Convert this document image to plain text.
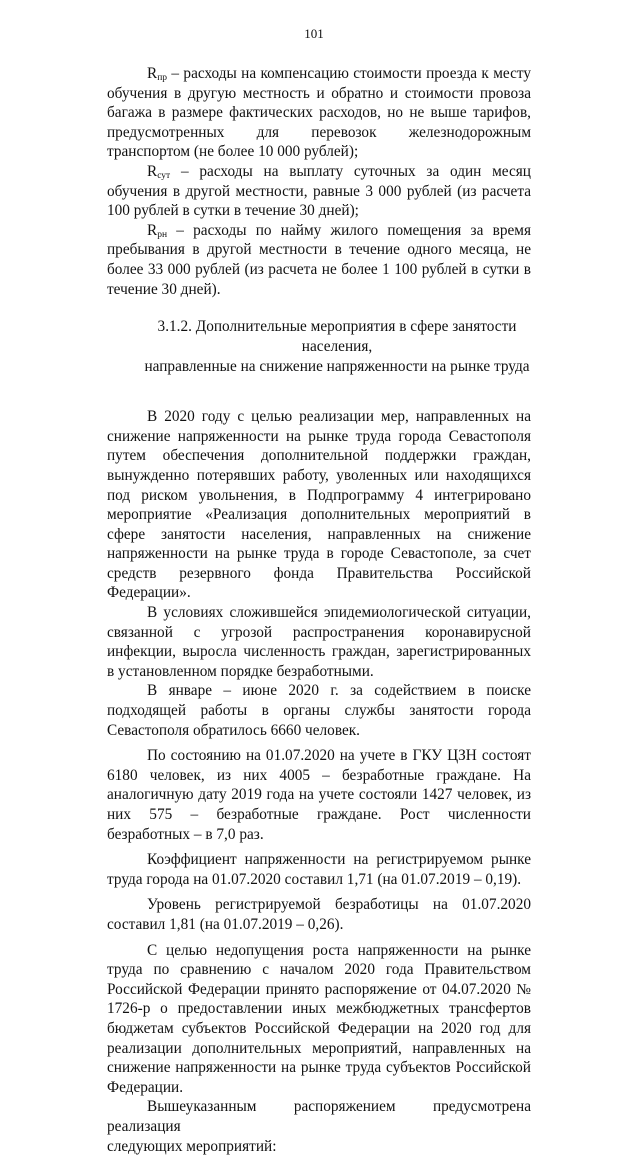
101

$R_{пр}$ – расходы на компенсацию стоимости проезда к месту обучения в другую местность и обратно и стоимости провоза багажа в размере фактических расходов, но не выше тарифов, предусмотренных для перевозок железнодорожным транспортом (не более 10 000 рублей);

$R_{сут}$ – расходы на выплату суточных за один месяц обучения в другой местности, равные 3 000 рублей (из расчета 100 рублей в сутки в течение 30 дней);

$R_{рн}$ – расходы по найму жилого помещения за время пребывания в другой местности в течение одного месяца, не более 33 000 рублей (из расчета не более 1 100 рублей в сутки в течение 30 дней).

3.1.2. Дополнительные мероприятия в сфере занятости населения,

направленные на снижение напряженности на рынке труда

В 2020 году с целью реализации мер, направленных на снижение напряженности на рынке труда города Севастополя путем обеспечения дополнительной поддержки граждан, вынужденно потерявших работу, уволенных или находящихся под риском увольнения, в Подпрограмму 4 интегрировано мероприятие «Реализация дополнительных мероприятий в сфере занятости населения, направленных на снижение напряженности на рынке труда в городе Севастополе, за счет средств резервного фонда Правительства Российской Федерации».

В условиях сложившейся эпидемиологической ситуации, связанной с угрозой распространения коронавирусной инфекции, выросла численность граждан, зарегистрированных в установленном порядке безработными.

В январе – июне 2020 г. за содействием в поиске подходящей работы в органы службы занятости города Севастополя обратилось 6660 человек.

По состоянию на 01.07.2020 на учете в ГКУ ЦЗН состоят 6180 человек, из них 4005 – безработные граждане. На аналогичную дату 2019 года на учете состояли 1427 человек, из них 575 – безработные граждане. Рост численности безработных – в 7,0 раз.

Коэффициент напряженности на регистрируемом рынке труда города на 01.07.2020 составил 1,71 (на 01.07.2019 – 0,19).

Уровень регистрируемой безработицы на 01.07.2020 составил 1,81 (на 01.07.2019 – 0,26).

С целью недопущения роста напряженности на рынке труда по сравнению с началом 2020 года Правительством Российской Федерации принято распоряжение от 04.07.2020 № 1726-р о предоставлении иных межбюджетных трансфертов бюджетам субъектов Российской Федерации на 2020 год для реализации дополнительных мероприятий, направленных на снижение напряженности на рынке труда субъектов Российской Федерации.

Вышеуказанным распоряжением предусмотрена реализация

следующих мероприятий:
